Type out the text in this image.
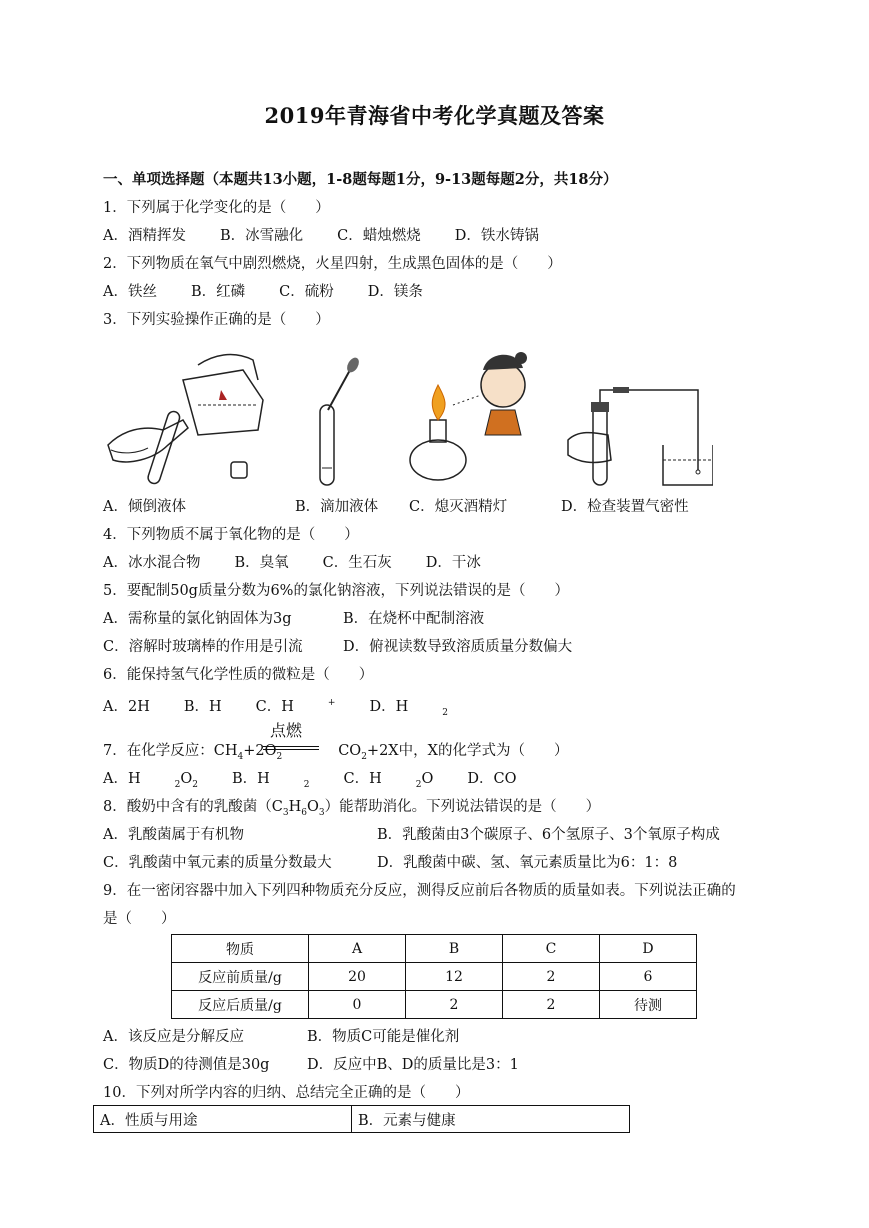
2019年青海省中考化学真题及答案
一、单项选择题（本题共13小题，1-8题每题1分，9-13题每题2分，共18分）
1．下列属于化学变化的是（　　）
A．酒精挥发 B．冰雪融化 C．蜡烛燃烧 D．铁水铸锅
2．下列物质在氧气中剧烈燃烧，火星四射，生成黑色固体的是（　　）
A．铁丝 B．红磷 C．硫粉 D．镁条
3．下列实验操作正确的是（　　）
A．倾倒液体	B．滴加液体 C．熄灭酒精灯	D．检查装置气密性
4．下列物质不属于氧化物的是（　　）
A．冰水混合物 B．臭氧 C．生石灰 D．干冰
5．要配制50g质量分数为6%的氯化钠溶液，下列说法错误的是（　　）
A．需称量的氯化钠固体为3g	B．在烧杯中配制溶液
C．溶解时玻璃棒的作用是引流	D．俯视读数导致溶质质量分数偏大
6．能保持氢气化学性质的微粒是（　　）
A．2H B．H C．H	+ D．H	$_2$
点燃
7．在化学反应：$CH_4+2O_2$	$CO_2+2X$中，X的化学式为（　　）
A．H	$_2O_2$ B．H	$_2$ C．H	$_2$O D．CO
8．酸奶中含有的乳酸菌$(C_3H_6O_3)$能帮助消化。下列说法错误的是（　　）
A．乳酸菌属于有机物	B．乳酸菌由3个碳原子、6个氢原子、3个氧原子构成
C．乳酸菌中氧元素的质量分数最大	D．乳酸菌中碳、氢、氧元素质量比为6：1：8
9．在一密闭容器中加入下列四种物质充分反应，测得反应前后各物质的质量如表。下列说法正确的
是（　　）
物质	A	B	C	D
反应前质量/g	20	12	2	6
反应后质量/g	0	2	2	待测
A．该反应是分解反应	B．物质C可能是催化剂
C．物质D的待测值是30g	D．反应中B、D的质量比是3：1
10．下列对所学内容的归纳、总结完全正确的是（　　）
A．性质与用途	B．元素与健康
